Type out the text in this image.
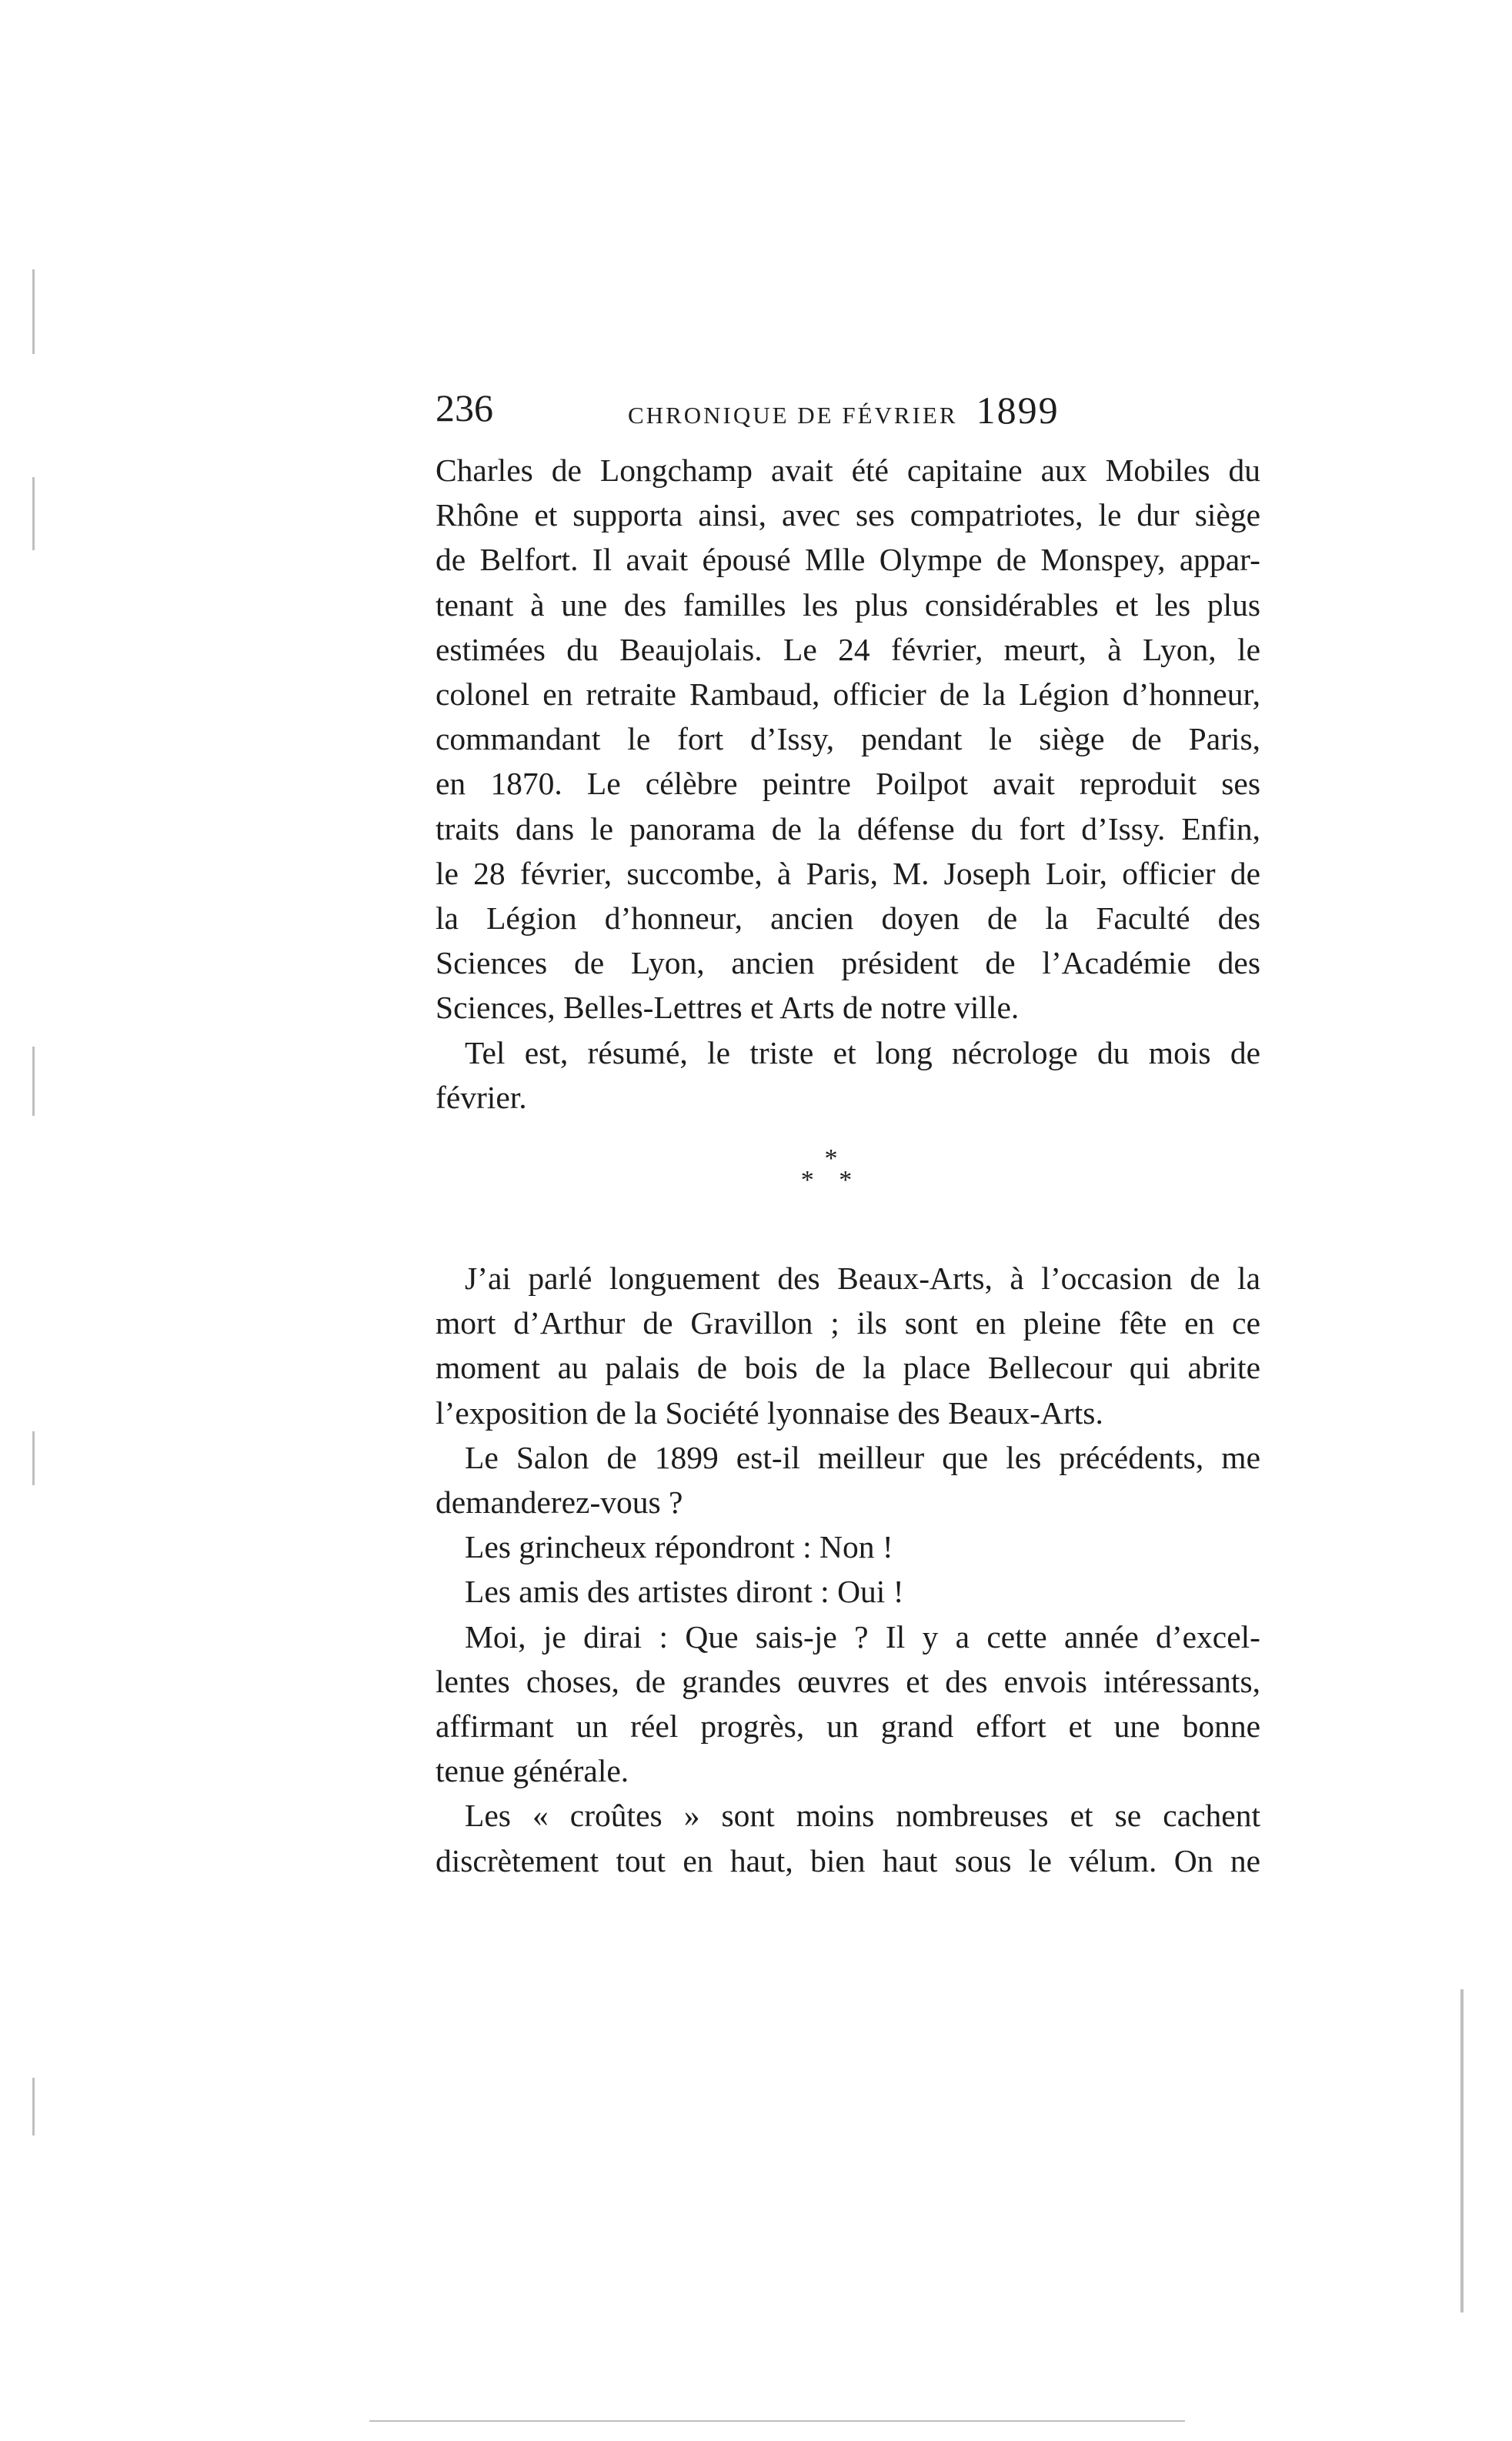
236	CHRONIQUE DE FÉVRIER 1899
Charles de Longchamp avait été capitaine aux Mobiles du
Rhône et supporta ainsi, avec ses compatriotes, le dur siège
de Belfort. Il avait épousé Mlle Olympe de Monspey, appar-
tenant à une des familles les plus considérables et les plus
estimées du Beaujolais. Le 24 février, meurt, à Lyon, le
colonel en retraite Rambaud, officier de la Légion d’honneur,
commandant le fort d’Issy, pendant le siège de Paris,
en 1870. Le célèbre peintre Poilpot avait reproduit ses
traits dans le panorama de la défense du fort d’Issy. Enfin,
le 28 février, succombe, à Paris, M. Joseph Loir, officier de
la Légion d’honneur, ancien doyen de la Faculté des
Sciences de Lyon, ancien président de l’Académie des
Sciences, Belles-Lettres et Arts de notre ville.
Tel est, résumé, le triste et long nécrologe du mois de
février.
*
* *
J’ai parlé longuement des Beaux-Arts, à l’occasion de la
mort d’Arthur de Gravillon ; ils sont en pleine fête en ce
moment au palais de bois de la place Bellecour qui abrite
l’exposition de la Société lyonnaise des Beaux-Arts.
Le Salon de 1899 est-il meilleur que les précédents, me
demanderez-vous ?
Les grincheux répondront : Non !
Les amis des artistes diront : Oui !
Moi, je dirai : Que sais-je ? Il y a cette année d’excel-
lentes choses, de grandes œuvres et des envois intéressants,
affirmant un réel progrès, un grand effort et une bonne
tenue générale.
Les « croûtes » sont moins nombreuses et se cachent
discrètement tout en haut, bien haut sous le vélum. On ne
